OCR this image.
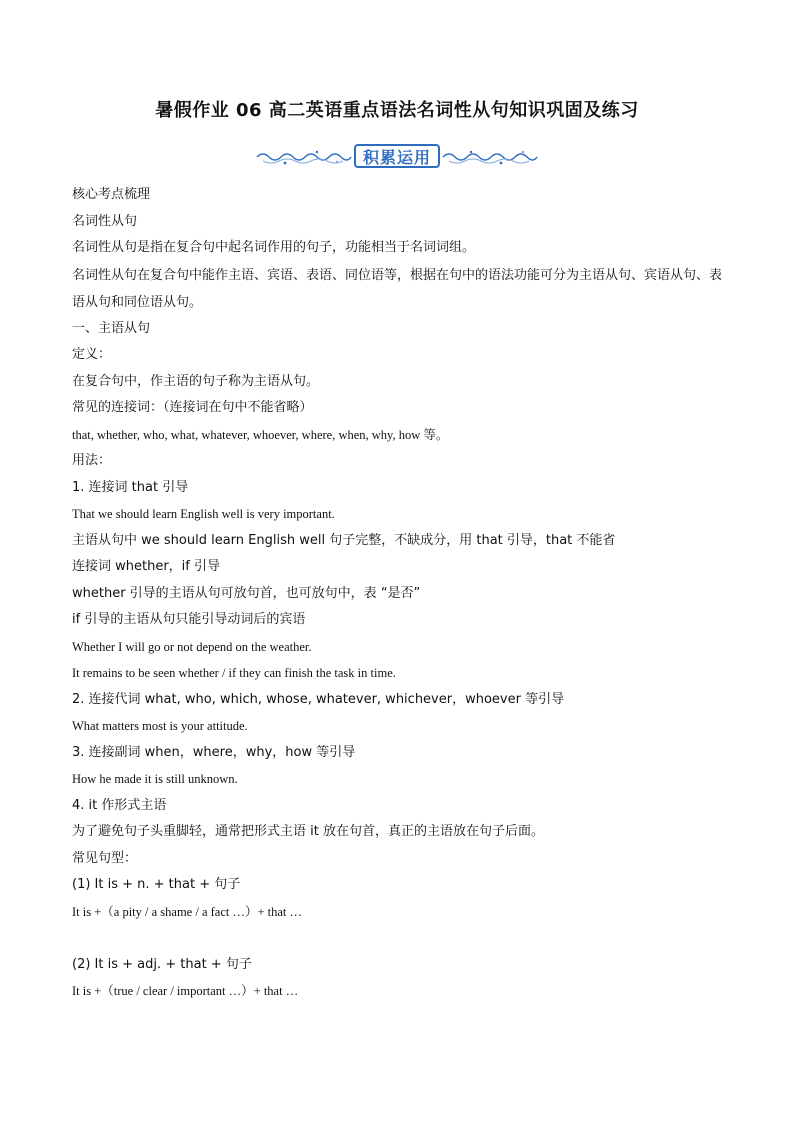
暑假作业 06 高二英语重点语法名词性从句知识巩固及练习
积累运用
核心考点梳理
名词性从句
名词性从句是指在复合句中起名词作用的句子，功能相当于名词词组。
名词性从句在复合句中能作主语、宾语、表语、同位语等，根据在句中的语法功能可分为主语从句、宾语从句、表语从句和同位语从句。
一、主语从句
定义：
在复合句中，作主语的句子称为主语从句。
常见的连接词：（连接词在句中不能省略）
that, whether, who, what, whatever, whoever, where, when, why, how 等。
用法：
1. 连接词 that 引导
That we should learn English well is very important.
主语从句中 we should learn English well 句子完整，不缺成分，用 that 引导，that 不能省
连接词 whether，if 引导
whether 引导的主语从句可放句首，也可放句中，表 “是否”
if 引导的主语从句只能引导动词后的宾语
Whether I will go or not depend on the weather.
It remains to be seen whether / if they can finish the task in time.
2. 连接代词 what, who, which, whose, whatever, whichever，whoever 等引导
What matters most is your attitude.
3. 连接副词 when，where，why，how 等引导
How he made it is still unknown.
4. it 作形式主语
为了避免句子头重脚轻，通常把形式主语 it 放在句首，真正的主语放在句子后面。
常见句型：
(1) It is + n. + that + 句子
It is +（a pity / a shame / a fact …）+ that …
(2) It is + adj. + that + 句子
It is +（true / clear / important …）+ that …
